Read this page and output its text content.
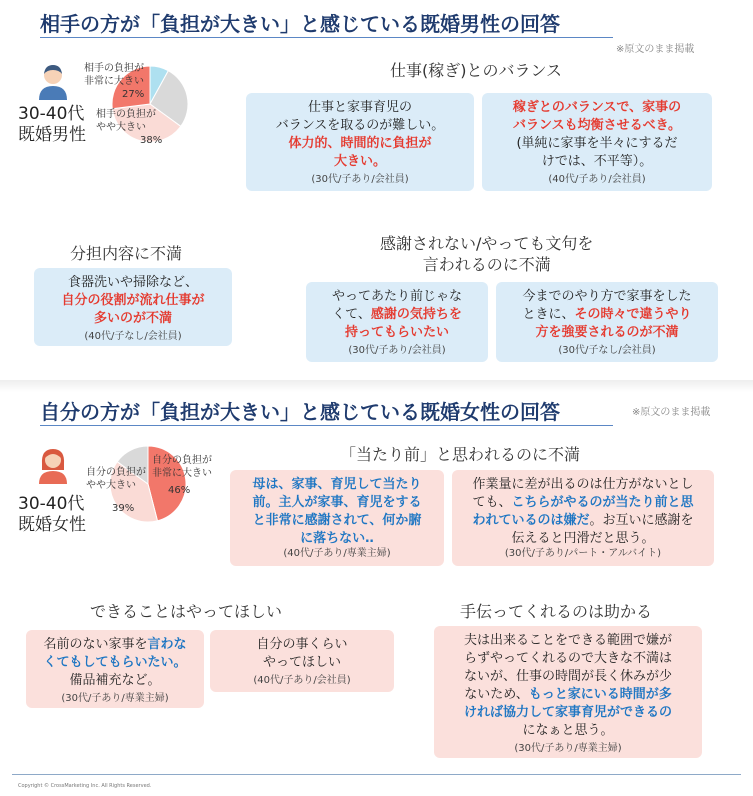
相手の方が「負担が大きい」と感じている既婚男性の回答
※原文のまま掲載
30-40代
既婚男性
相手の負担が
非常に大きい
27%
相手の負担が
やや大きい
38%
仕事(稼ぎ)とのバランス
仕事と家事育児の
バランスを取るのが難しい。
体力的、時間的に負担が
大きい。
(30代/子あり/会社員)
稼ぎとのバランスで、家事の
バランスも均衡させるべき。
(単純に家事を半々にするだ
けでは、不平等）。
(40代/子あり/会社員)
分担内容に不満
食器洗いや掃除など、
自分の役割が流れ仕事が
多いのが不満
(40代/子なし/会社員)
感謝されない/やっても文句を
言われるのに不満
やってあたり前じゃな
くて、感謝の気持ちを
持ってもらいたい
(30代/子あり/会社員)
今までのやり方で家事をした
ときに、その時々で違うやり
方を強要されるのが不満
(30代/子なし/会社員)
自分の方が「負担が大きい」と感じている既婚女性の回答	※原文のまま掲載
30-40代
既婚女性
自分の負担が
やや大きい
39%
自分の負担が
非常に大きい
46%
「当たり前」と思われるのに不満
母は、家事、育児して当たり
前。主人が家事、育児をする
と非常に感謝されて、何か腑
に落ちない‥
(40代/子あり/専業主婦)
作業量に差が出るのは仕方がないとし
ても、こちらがやるのが当たり前と思
われているのは嫌だ。お互いに感謝を
伝えると円滑だと思う。
(30代/子あり/パート・アルバイト)
できることはやってほしい
名前のない家事を言わな
くてもしてもらいたい。
備品補充など。
(30代/子あり/専業主婦)
自分の事くらい
やってほしい
(40代/子あり/会社員)
手伝ってくれるのは助かる
夫は出来ることをできる範囲で嫌が
らずやってくれるので大きな不満は
ないが、仕事の時間が長く休みが少
ないため、もっと家にいる時間が多
ければ協力して家事育児ができるの
になぁと思う。
(30代/子あり/専業主婦)
Copyright © CrossMarketing Inc. All Rights Reserved.
